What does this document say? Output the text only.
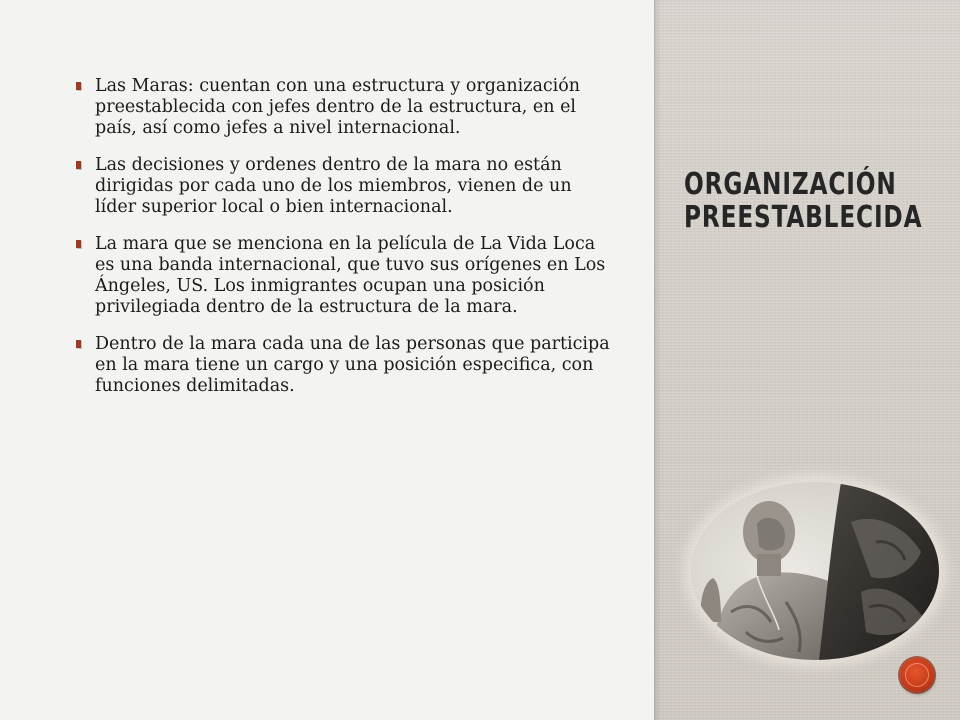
Las Maras: cuentan con una estructura y organización preestablecida con jefes dentro de la estructura, en el país, así como jefes a nivel internacional.
Las decisiones y ordenes dentro de la mara no están dirigidas por cada uno de los miembros, vienen de un líder superior local o bien internacional.
La mara que se menciona en la película de La Vida Loca es una banda internacional, que tuvo sus orígenes en Los Ángeles, US. Los inmigrantes ocupan una posición privilegiada dentro de la estructura de la mara.
Dentro de la mara cada una de las personas que participa en la mara tiene un cargo y una posición especifica, con funciones delimitadas.
ORGANIZACIÓN PREESTABLECIDA
